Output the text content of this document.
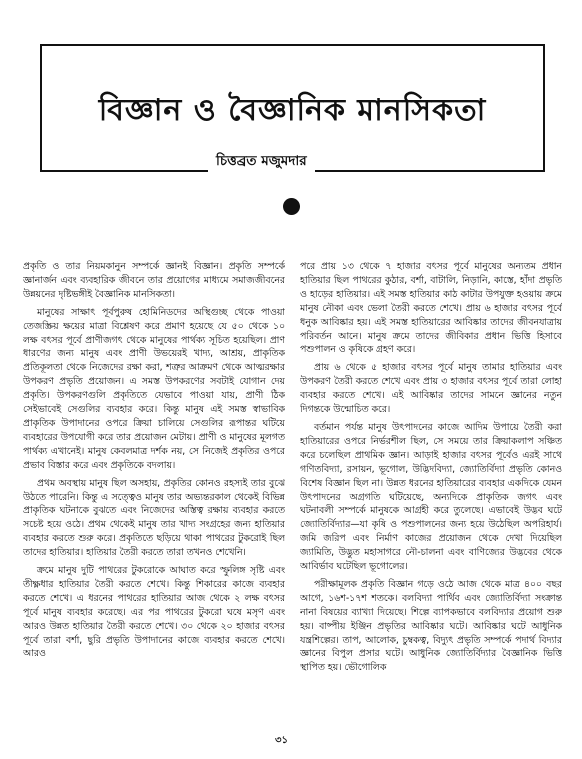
বিজ্ঞান ও বৈজ্ঞানিক মানসিকতা
চিত্তব্রত মজুমদার

প্রকৃতি ও তার নিয়মকানুন সম্পর্কে জ্ঞানই বিজ্ঞান। প্রকৃতি সম্পর্কে জ্ঞানার্জন এবং ব্যবহারিক জীবনে তার প্রয়োগের মাধ্যমে সমাজজীবনের উন্নয়নের দৃষ্টিভঙ্গীই বৈজ্ঞানিক মানসিকতা।

মানুষের সাক্ষাৎ পূর্বপুরুষ হোমিনিডদের অস্থিগুচ্ছ থেকে পাওয়া তেজস্ক্রিয় ক্ষয়ের মাত্রা বিশ্লেষণ করে প্রমাণ হয়েছে যে ৫০ থেকে ১০ লক্ষ বৎসর পূর্বে প্রাণীজগৎ থেকে মানুষের পার্থক্য সূচিত হয়েছিল। প্রাণ ধারণের জন্য মানুষ এবং প্রাণী উভয়েরই খাদ্য, আশ্রয়, প্রাকৃতিক প্রতিকূলতা থেকে নিজেদের রক্ষা করা, শত্রুর আক্রমণ থেকে আত্মরক্ষার উপকরণ প্রভৃতি প্রয়োজন। এ সমস্ত উপকরণের সবটাই যোগান দেয় প্রকৃতি। উপকরণগুলি প্রকৃতিতে যেভাবে পাওয়া যায়, প্রাণী ঠিক সেইভাবেই সেগুলির ব্যবহার করে। কিন্তু মানুষ এই সমস্ত স্বাভাবিক প্রাকৃতিক উপাদানের ওপরে ক্রিয়া চালিয়ে সেগুলির রূপান্তর ঘটিয়ে ব্যবহারের উপযোগী করে তার প্রয়োজন মেটায়। প্রাণী ও মানুষের মূলগত পার্থক্য এখানেই। মানুষ কেবলমাত্র দর্শক নয়, সে নিজেই প্রকৃতির ওপরে প্রভাব বিস্তার করে এবং প্রকৃতিকে বদলায়।

প্রথম অবস্থায় মানুষ ছিল অসহায়, প্রকৃতির কোনও রহস্যই তার বুঝে উঠতে পারেনি। কিন্তু এ সত্ত্বেও মানুষ তার অভ্যন্তরকাল থেকেই বিভিন্ন প্রাকৃতিক ঘটনাকে বুঝতে এবং নিজেদের অস্তিত্ব রক্ষায় ব্যবহার করতে সচেষ্ট হয়ে ওঠে। প্রথম থেকেই মানুষ তার খাদ্য সংগ্রহের জন্য হাতিয়ার ব্যবহার করতে শুরু করে। প্রকৃতিতে ছড়িয়ে থাকা পাথরের টুকরোই ছিল তাদের হাতিয়ার। হাতিয়ার তৈরী করতে তারা তখনও শেখেনি।

ক্রমে মানুষ দুটি পাথরের টুকরোকে আঘাত করে স্ফুলিঙ্গ সৃষ্টি এবং তীক্ষ্ণধার হাতিয়ার তৈরী করতে শেখে। কিন্তু শিকারের কাজে ব্যবহার করতে শেখে। এ ধরনের পাথরের হাতিয়ার আজ থেকে ২ লক্ষ বৎসর পূর্বে মানুষ ব্যবহার করেছে। এর পর পাথরের টুকরো ঘষে মসৃণ এবং আরও উন্নত হাতিয়ার তৈরী করতে শেখে। ৩০ থেকে ২০ হাজার বৎসর পূর্বে তারা বর্শা, ছুরি প্রভৃতি উপাদানের কাজে ব্যবহার করতে শেখে। আরও

পরে প্রায় ১৩ থেকে ৭ হাজার বৎসর পূর্বে মানুষের অন্যতম প্রধান হাতিয়ার ছিল পাথরের কুঠার, বর্শা, বাটালি, নিড়ানি, কাস্তে, হাঁদা প্রভৃতি ও হাড়ের হাতিয়ার। এই সমস্ত হাতিয়ার কাঠ কাটার উপযুক্ত হওয়ায় ক্রমে মানুষ নৌকা এবং ভেলা তৈরী করতে শেখে। প্রায় ৬ হাজার বৎসর পূর্বে ধনুক আবিষ্কার হয়। এই সমস্ত হাতিয়ারের আবিষ্কার তাদের জীবনযাত্রায় পরিবর্তন আনে। মানুষ ক্রমে তাদের জীবিকার প্রধান ভিত্তি হিসাবে পশুপালন ও কৃষিকে গ্রহণ করে।

প্রায় ৬ থেকে ৫ হাজার বৎসর পূর্বে মানুষ তামার হাতিয়ার এবং উপকরণ তৈরী করতে শেখে এবং প্রায় ৩ হাজার বৎসর পূর্বে তারা লোহা ব্যবহার করতে শেখে। এই আবিষ্কার তাদের সামনে জ্ঞানের নতুন দিগন্তকে উন্মোচিত করে।

বর্তমান পর্যন্ত মানুষ উৎপাদনের কাজে আদিম উপায়ে তৈরী করা হাতিয়ারের ওপরে নির্ভরশীল ছিল, সে সময়ে তার ক্রিয়াকলাপ সঞ্চিত করে চলেছিল প্রাথমিক জ্ঞান। আড়াই হাজার বৎসর পূর্বেও এরই সাথে গণিতবিদ্যা, রসায়ন, ভূগোল, উদ্ভিদবিদ্যা, জ্যোতির্বিদ্যা প্রভৃতি কোনও বিশেষ বিজ্ঞান ছিল না। উন্নত ধরনের হাতিয়ারের ব্যবহার একদিকে যেমন উৎপাদনের অগ্রগতি ঘটিয়েছে, অন্যদিকে প্রাকৃতিক জগৎ এবং ঘটনাবলী সম্পর্কে মানুষকে আগ্রহী করে তুলেছে। এভাবেই উদ্ভব ঘটে জ্যোতির্বিদ্যার—যা কৃষি ও পশুপালনের জন্য হয়ে উঠেছিল অপরিহার্য। জমি জরিপ এবং নির্মাণ কাজের প্রয়োজন থেকে দেখা দিয়েছিল জ্যামিতি, উদ্ভুত মহাসাগরে নৌ-চালনা এবং বাণিজ্যের উদ্ভবের থেকে আবির্ভাব ঘটেছিল ভূগোলের।

পরীক্ষামূলক প্রকৃতি বিজ্ঞান গড়ে ওঠে আজ থেকে মাত্র ৪০০ বছর আগে, ১৬শ-১৭শ শতকে। বলবিদ্যা পার্থিব এবং জ্যোতির্বিদ্যা সংক্রান্ত নানা বিষয়ের ব্যাখ্যা দিয়েছে। শিল্পে ব্যাপকভাবে বলবিদ্যার প্রয়োগ শুরু হয়। বাষ্পীয় ইঞ্জিন প্রভৃতির আবিষ্কার ঘটে। আবিষ্কার ঘটে আধুনিক যন্ত্রশিল্পের। তাপ, আলোক, চুম্বকত্ব, বিদ্যুৎ প্রভৃতি সম্পর্কে পদার্থ বিদ্যার জ্ঞানের বিপুল প্রসার ঘটে। আধুনিক জ্যোতির্বিদ্যার বৈজ্ঞানিক ভিত্তি স্থাপিত হয়। ভৌগোলিক

৩১
